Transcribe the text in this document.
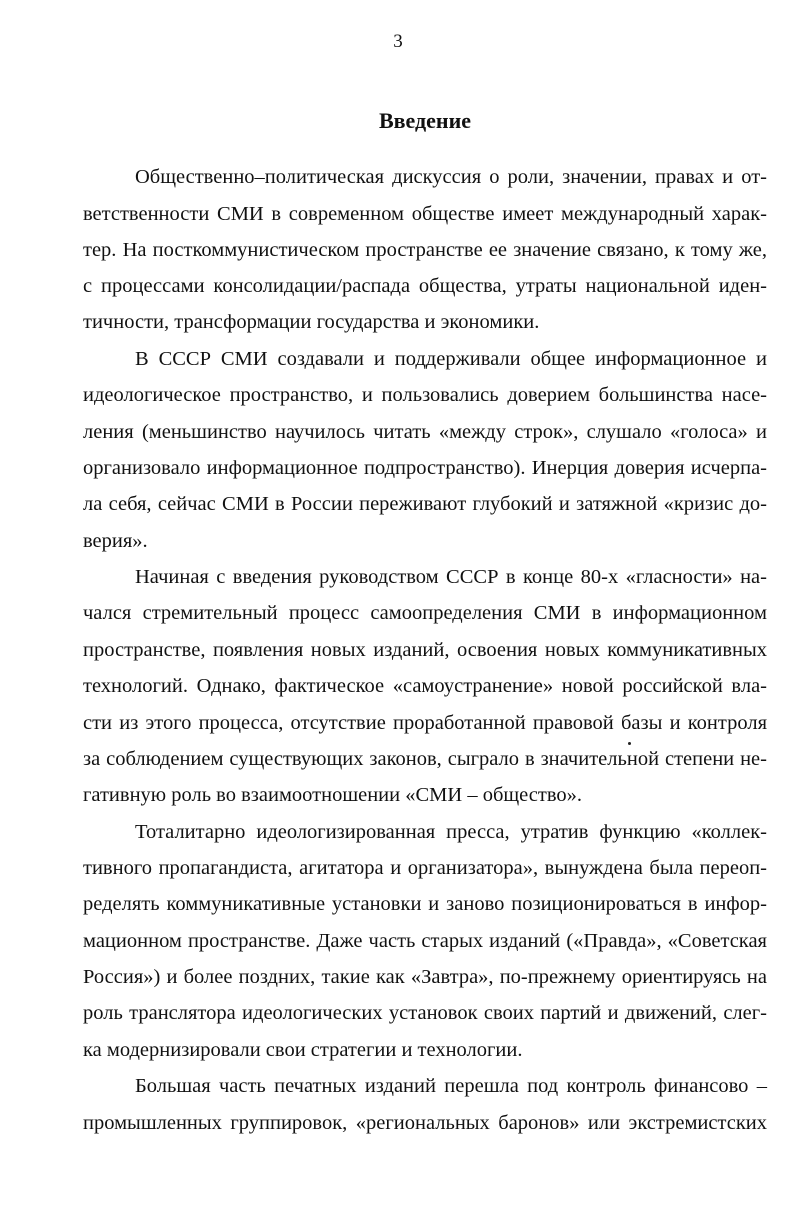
3
Введение
Общественно–политическая дискуссия о роли, значении, правах и от-
ветственности СМИ в современном обществе имеет международный харак-
тер. На посткоммунистическом пространстве ее значение связано, к тому же,
с процессами консолидации/распада общества, утраты национальной иден-
тичности, трансформации государства и экономики.
В СССР СМИ создавали и поддерживали общее информационное и
идеологическое пространство, и пользовались доверием большинства насе-
ления (меньшинство научилось читать «между строк», слушало «голоса» и
организовало информационное подпространство). Инерция доверия исчерпа-
ла себя, сейчас СМИ в России переживают глубокий и затяжной «кризис до-
верия».
Начиная с введения руководством СССР в конце 80-х «гласности» на-
чался стремительный процесс самоопределения СМИ в информационном
пространстве, появления новых изданий, освоения новых коммуникативных
технологий. Однако, фактическое «самоустранение» новой российской вла-
сти из этого процесса, отсутствие проработанной правовой базы и контроля
за соблюдением существующих законов, сыграло в значительной степени не-
гативную роль во взаимоотношении «СМИ – общество».
Тоталитарно идеологизированная пресса, утратив функцию «коллек-
тивного пропагандиста, агитатора и организатора», вынуждена была переоп-
ределять коммуникативные установки и заново позиционироваться в инфор-
мационном пространстве. Даже часть старых изданий («Правда», «Советская
Россия») и более поздних, такие как «Завтра», по-прежнему ориентируясь на
роль транслятора идеологических установок своих партий и движений, слег-
ка модернизировали свои стратегии и технологии.
Большая часть печатных изданий перешла под контроль финансово –
промышленных группировок, «региональных баронов» или экстремистских
